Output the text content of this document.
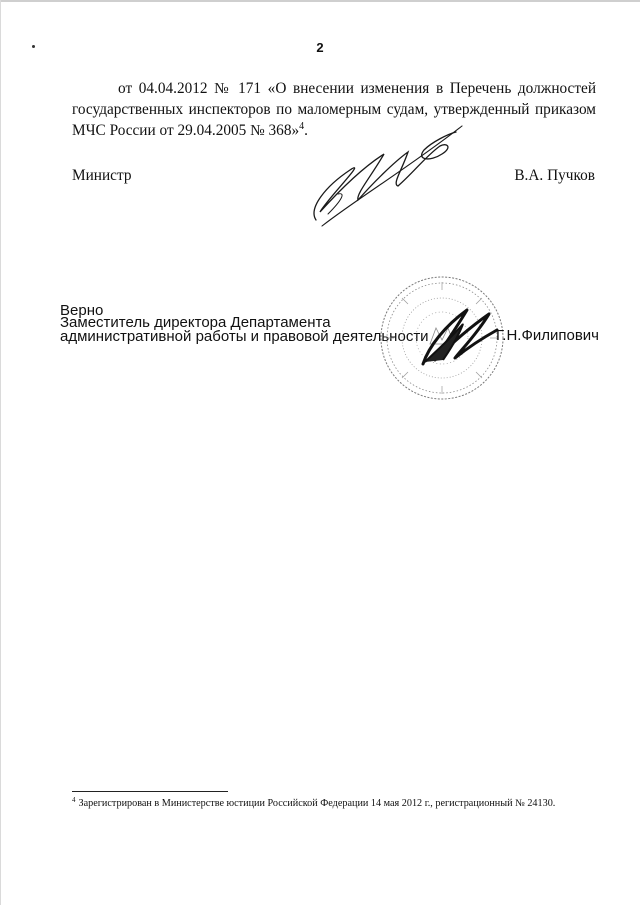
2

от 04.04.2012 № 171 «О внесении изменения в Перечень должностей государственных инспекторов по маломерным судам, утвержденный приказом МЧС России от 29.04.2005 № 368»$^4$.

Министр	В.А. Пучков
Верно
Заместитель директора Департамента административной работы и правовой деятельности	Г.Н.Филипович
$^4$ Зарегистрирован в Министерстве юстиции Российской Федерации 14 мая 2012 г., регистрационный № 24130.
